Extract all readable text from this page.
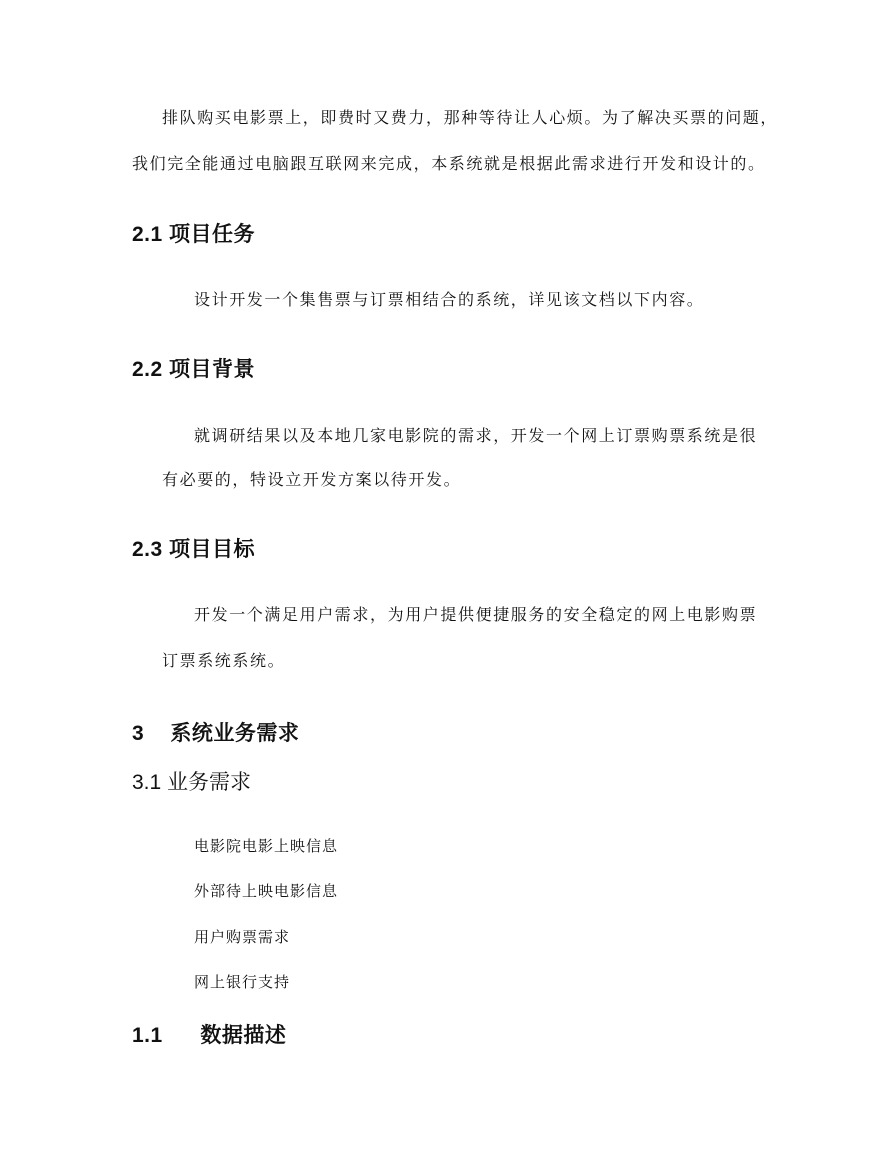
排队购买电影票上，即费时又费力，那种等待让人心烦。为了解决买票的问题，
我们完全能通过电脑跟互联网来完成，本系统就是根据此需求进行开发和设计的。
2.1 项目任务
设计开发一个集售票与订票相结合的系统，详见该文档以下内容。
2.2 项目背景
就调研结果以及本地几家电影院的需求，开发一个网上订票购票系统是很
有必要的，特设立开发方案以待开发。
2.3 项目目标
开发一个满足用户需求，为用户提供便捷服务的安全稳定的网上电影购票
订票系统系统。
3 系统业务需求
3.1 业务需求
电影院电影上映信息
外部待上映电影信息
用户购票需求
网上银行支持
1.1 数据描述
